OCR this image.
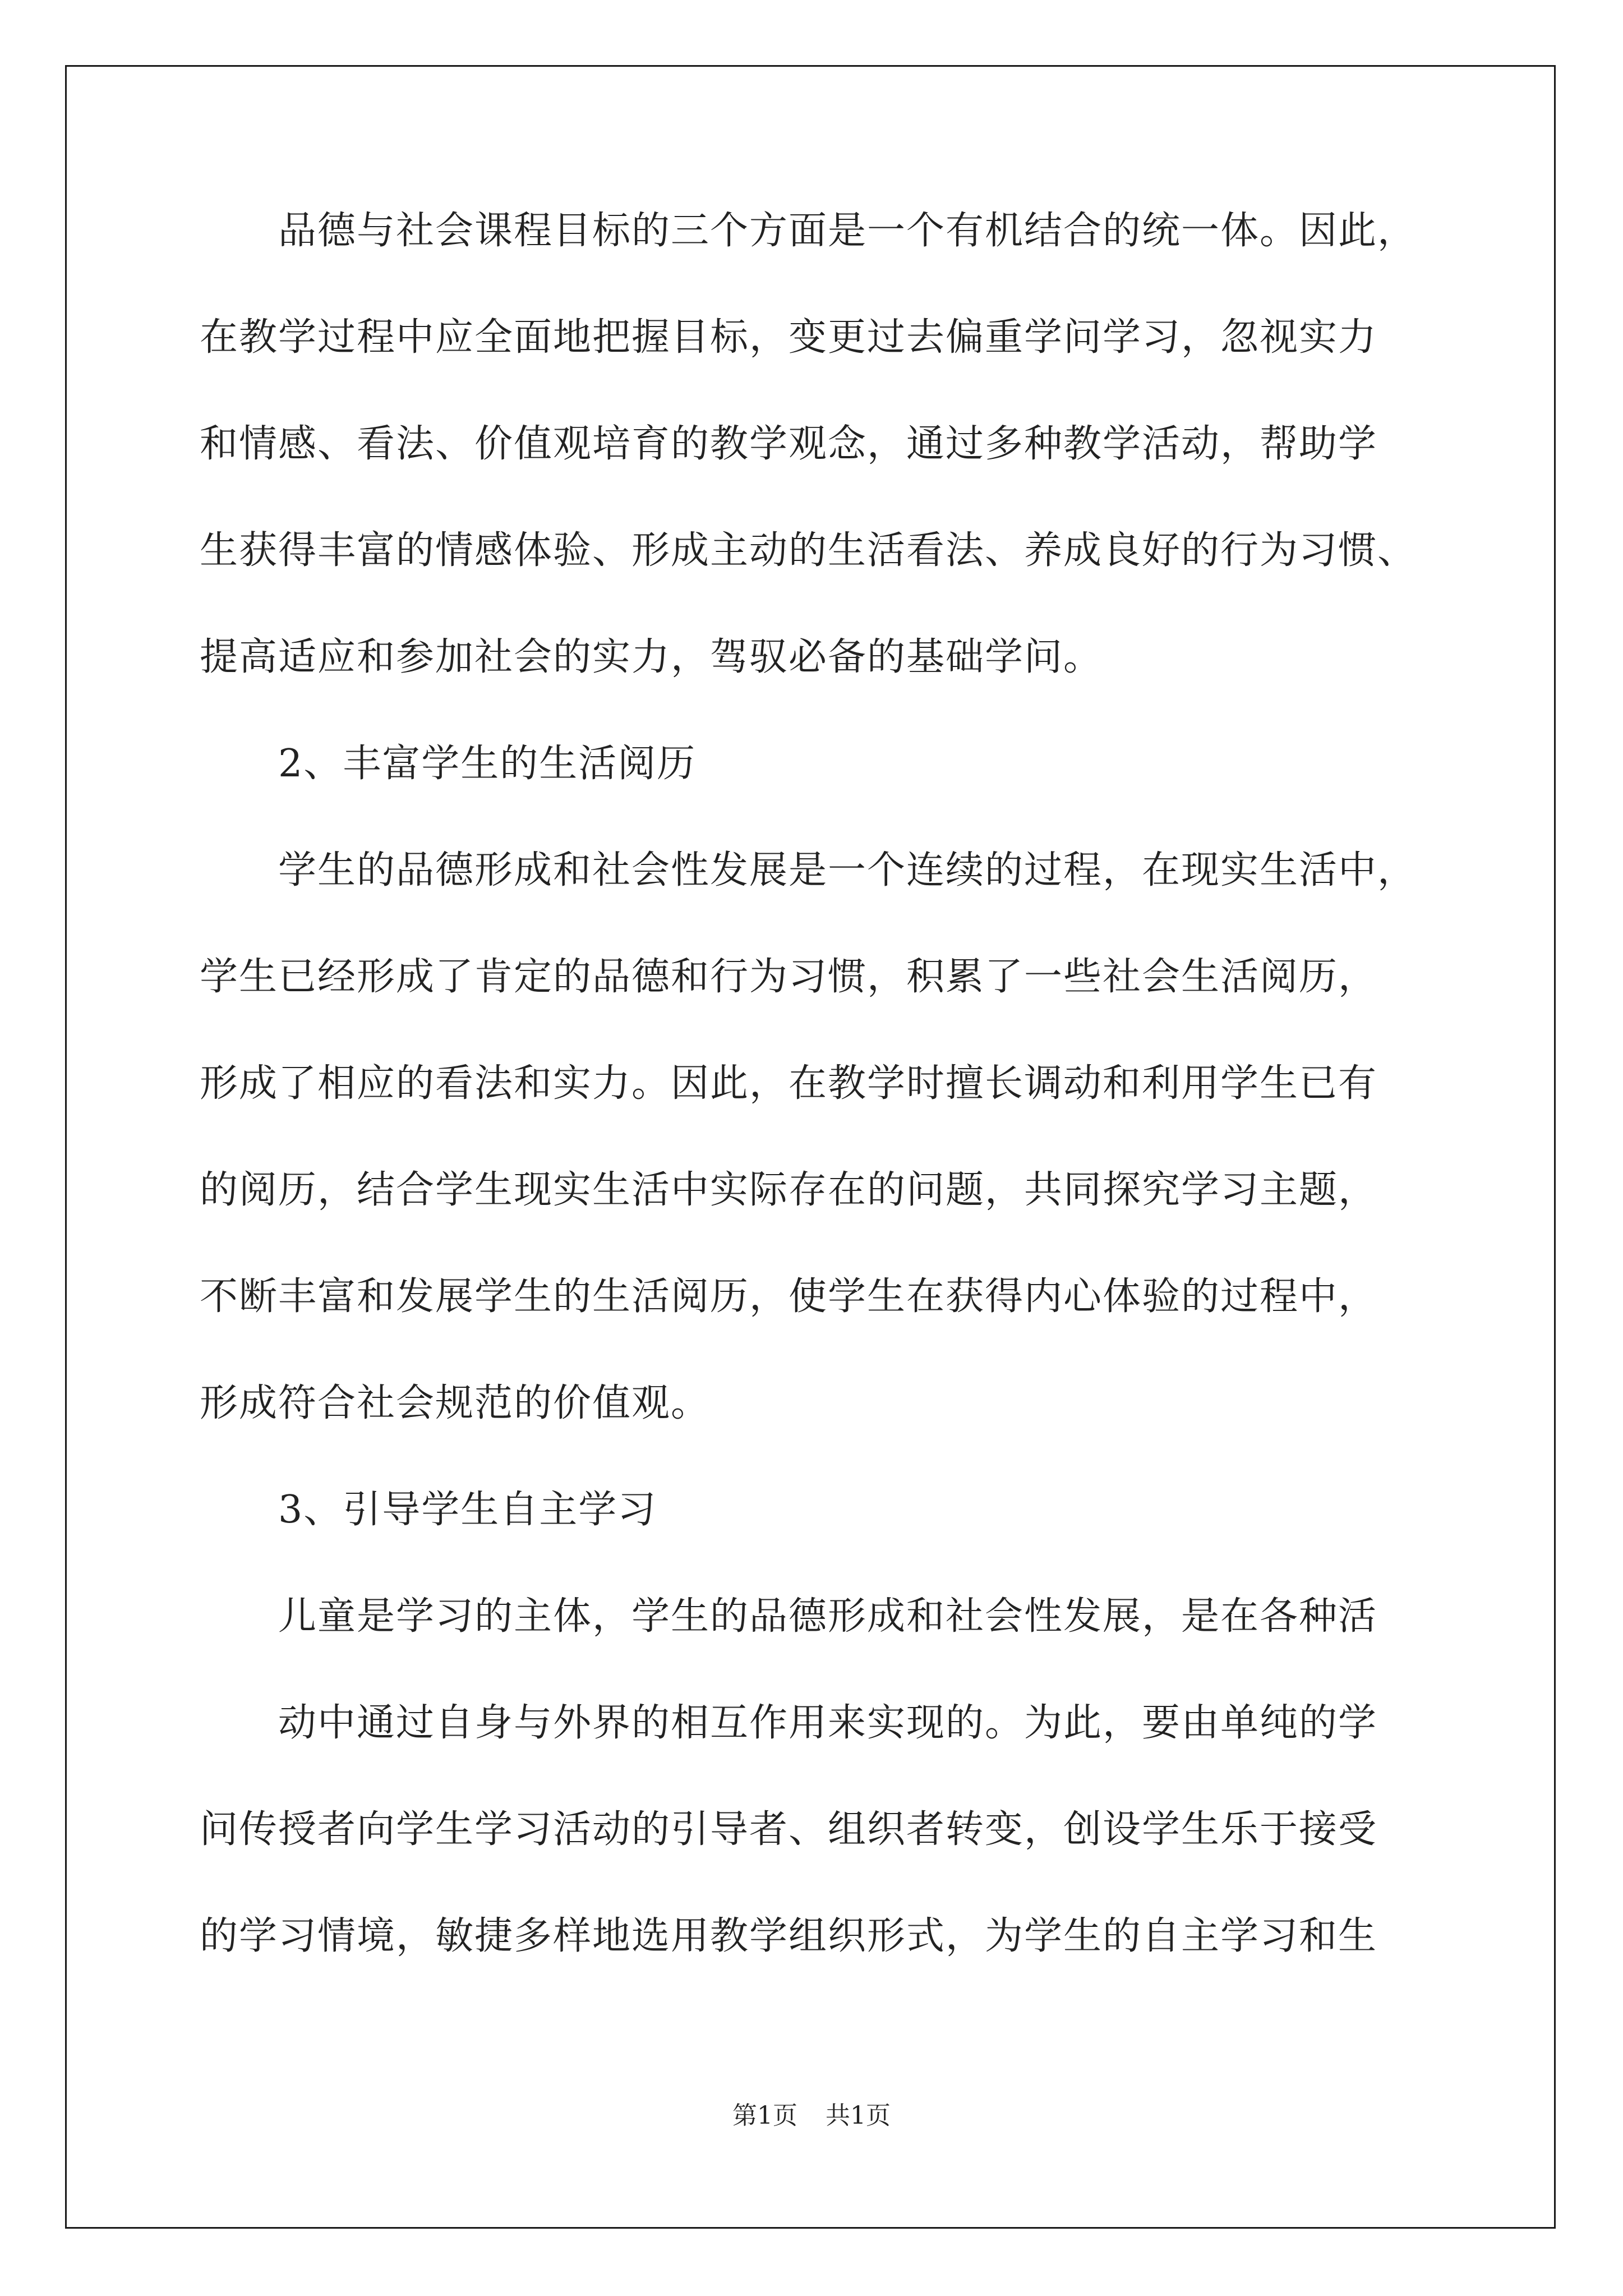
品德与社会课程目标的三个方面是一个有机结合的统一体。因此，
在教学过程中应全面地把握目标，变更过去偏重学问学习，忽视实力
和情感、看法、价值观培育的教学观念，通过多种教学活动，帮助学
生获得丰富的情感体验、形成主动的生活看法、养成良好的行为习惯、
提高适应和参加社会的实力，驾驭必备的基础学问。
2、丰富学生的生活阅历
学生的品德形成和社会性发展是一个连续的过程，在现实生活中，
学生已经形成了肯定的品德和行为习惯，积累了一些社会生活阅历，
形成了相应的看法和实力。因此，在教学时擅长调动和利用学生已有
的阅历，结合学生现实生活中实际存在的问题，共同探究学习主题，
不断丰富和发展学生的生活阅历，使学生在获得内心体验的过程中，
形成符合社会规范的价值观。
3、引导学生自主学习
儿童是学习的主体，学生的品德形成和社会性发展，是在各种活
动中通过自身与外界的相互作用来实现的。为此，要由单纯的学
问传授者向学生学习活动的引导者、组织者转变，创设学生乐于接受
的学习情境，敏捷多样地选用教学组织形式，为学生的自主学习和生
第1页 共1页
